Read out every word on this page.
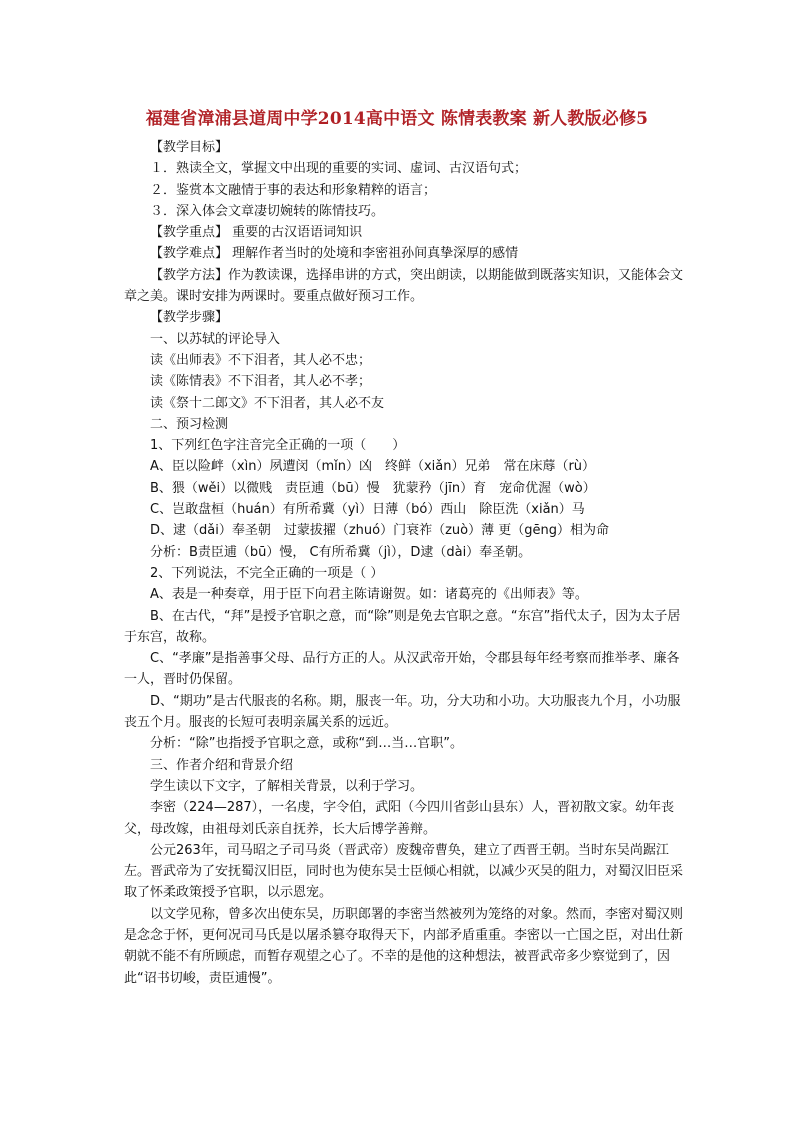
福建省漳浦县道周中学2014高中语文 陈情表教案 新人教版必修5

【教学目标】

１．熟读全文，掌握文中出现的重要的实词、虚词、古汉语句式；

２．鉴赏本文融情于事的表达和形象精粹的语言；

３．深入体会文章凄切婉转的陈情技巧。

【教学重点】 重要的古汉语语词知识

【教学难点】 理解作者当时的处境和李密祖孙间真挚深厚的感情

【教学方法】作为教读课，选择串讲的方式，突出朗读，以期能做到既落实知识，又能体会文章之美。课时安排为两课时。要重点做好预习工作。

【教学步骤】

一、以苏轼的评论导入

读《出师表》不下泪者，其人必不忠；

读《陈情表》不下泪者，其人必不孝；

读《祭十二郎文》不下泪者，其人必不友

二、预习检测

1、下列红色字注音完全正确的一项（　　）

A、臣以险衅（xìn）夙遭闵（mǐn）凶　终鲜（xiǎn）兄弟　常在床蓐（rù）

B、猥（wěi）以微贱　责臣逋（bū）慢　犹蒙矜（jīn）育　宠命优渥（wò）

C、岂敢盘桓（huán）有所希冀（yì）日薄（bó）西山　除臣洗（xiǎn）马

D、逮（dǎi）奉圣朝　过蒙拔擢（zhuó）门衰祚（zuò）薄 更（gēng）相为命

分析：B责臣逋（bū）慢， C有所希冀（jì），D逮（dài）奉圣朝。

2、下列说法，不完全正确的一项是（ ）

A、表是一种奏章，用于臣下向君主陈请谢贺。如：诸葛亮的《出师表》等。

B、在古代，“拜”是授予官职之意，而“除”则是免去官职之意。“东宫”指代太子，因为太子居于东宫，故称。

C、“孝廉”是指善事父母、品行方正的人。从汉武帝开始，令郡县每年经考察而推举孝、廉各一人，晋时仍保留。

D、“期功”是古代服丧的名称。期，服丧一年。功，分大功和小功。大功服丧九个月，小功服丧五个月。服丧的长短可表明亲属关系的远近。

分析：“除”也指授予官职之意，或称“到…当…官职”。

三、作者介绍和背景介绍

学生读以下文字，了解相关背景，以利于学习。

李密（224—287），一名虔，字令伯，武阳（今四川省彭山县东）人，晋初散文家。幼年丧父，母改嫁，由祖母刘氏亲自抚养，长大后博学善辩。

公元263年，司马昭之子司马炎（晋武帝）废魏帝曹奂，建立了西晋王朝。当时东吴尚踞江左。晋武帝为了安抚蜀汉旧臣，同时也为使东吴士臣倾心相就，以减少灭吴的阻力，对蜀汉旧臣采取了怀柔政策授予官职，以示恩宠。

以文学见称，曾多次出使东吴，历职郎署的李密当然被列为笼络的对象。然而，李密对蜀汉则是念念于怀，更何况司马氏是以屠杀篡夺取得天下，内部矛盾重重。李密以一亡国之臣，对出仕新朝就不能不有所顾虑，而暂存观望之心了。不幸的是他的这种想法，被晋武帝多少察觉到了，因此“诏书切峻，责臣逋慢”。
